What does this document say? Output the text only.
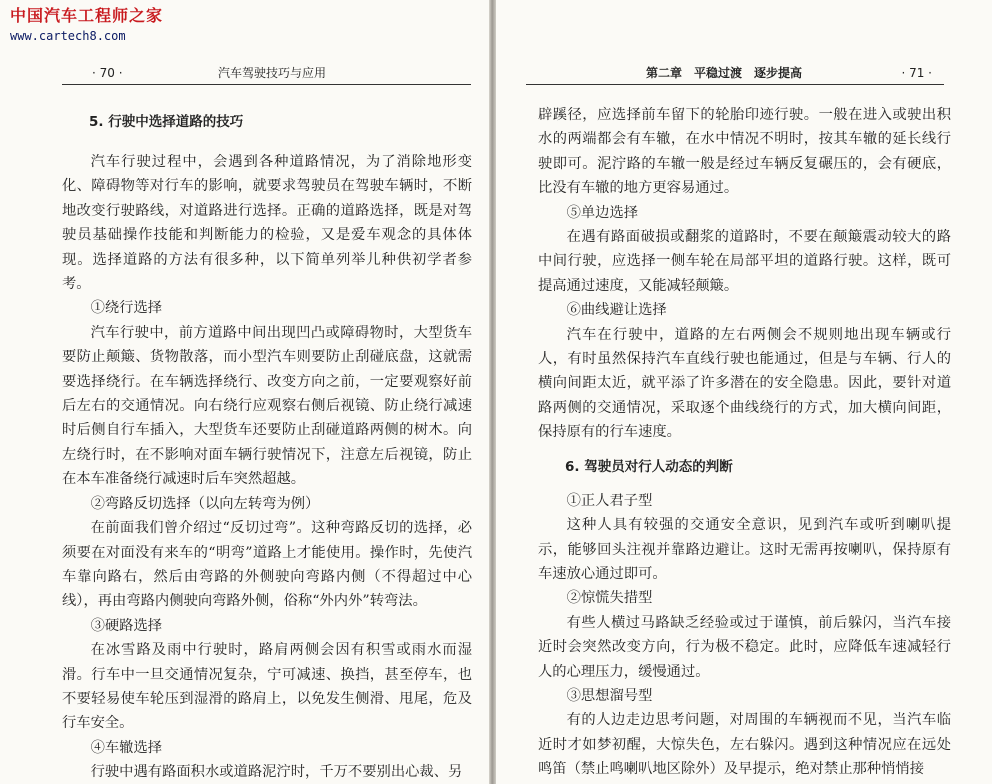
· 70 ·	汽车驾驶技巧与应用

5. 行驶中选择道路的技巧

汽车行驶过程中，会遇到各种道路情况，为了消除地形变化、障碍物等对行车的影响，就要求驾驶员在驾驶车辆时，不断地改变行驶路线，对道路进行选择。正确的道路选择，既是对驾驶员基础操作技能和判断能力的检验，又是爱车观念的具体体现。选择道路的方法有很多种，以下简单列举儿种供初学者参考。

①绕行选择

汽车行驶中，前方道路中间出现凹凸或障碍物时，大型货车要防止颠簸、货物散落，而小型汽车则要防止刮碰底盘，这就需要选择绕行。在车辆选择绕行、改变方向之前，一定要观察好前后左右的交通情况。向右绕行应观察右侧后视镜、防止绕行减速时后侧自行车插入，大型货车还要防止刮碰道路两侧的树木。向左绕行时，在不影响对面车辆行驶情况下，注意左后视镜，防止在本车准备绕行减速时后车突然超越。

②弯路反切选择（以向左转弯为例）

在前面我们曾介绍过“反切过弯”。这种弯路反切的选择，必须要在对面没有来车的“明弯”道路上才能使用。操作时，先使汽车靠向路右，然后由弯路的外侧驶向弯路内侧（不得超过中心线），再由弯路内侧驶向弯路外侧，俗称“外内外”转弯法。

③硬路选择

在冰雪路及雨中行驶时，路肩两侧会因有积雪或雨水而湿滑。行车中一旦交通情况复杂，宁可减速、换挡，甚至停车，也不要轻易使车轮压到湿滑的路肩上，以免发生侧滑、甩尾，危及行车安全。

④车辙选择

行驶中遇有路面积水或道路泥泞时，千万不要别出心裁、另

第二章　平稳过渡　逐步提高	· 71 ·

辟蹊径，应选择前车留下的轮胎印迹行驶。一般在进入或驶出积水的两端都会有车辙，在水中情况不明时，按其车辙的延长线行驶即可。泥泞路的车辙一般是经过车辆反复碾压的，会有硬底，比没有车辙的地方更容易通过。

⑤单边选择

在遇有路面破损或翻浆的道路时，不要在颠簸震动较大的路中间行驶，应选择一侧车轮在局部平坦的道路行驶。这样，既可提高通过速度，又能减轻颠簸。

⑥曲线避让选择

汽车在行驶中，道路的左右两侧会不规则地出现车辆或行人，有时虽然保持汽车直线行驶也能通过，但是与车辆、行人的横向间距太近，就平添了许多潜在的安全隐患。因此，要针对道路两侧的交通情况，采取逐个曲线绕行的方式，加大横向间距，保持原有的行车速度。

6. 驾驶员对行人动态的判断

①正人君子型

这种人具有较强的交通安全意识，见到汽车或听到喇叭提示，能够回头注视并靠路边避让。这时无需再按喇叭，保持原有车速放心通过即可。

②惊慌失措型

有些人横过马路缺乏经验或过于谨慎，前后躲闪，当汽车接近时会突然改变方向，行为极不稳定。此时，应降低车速减轻行人的心理压力，缓慢通过。

③思想溜号型

有的人边走边思考问题，对周围的车辆视而不见，当汽车临近时才如梦初醒，大惊失色，左右躲闪。遇到这种情况应在远处鸣笛（禁止鸣喇叭地区除外）及早提示，绝对禁止那种悄悄接

中国汽车工程师之家
www.cartech8.com
